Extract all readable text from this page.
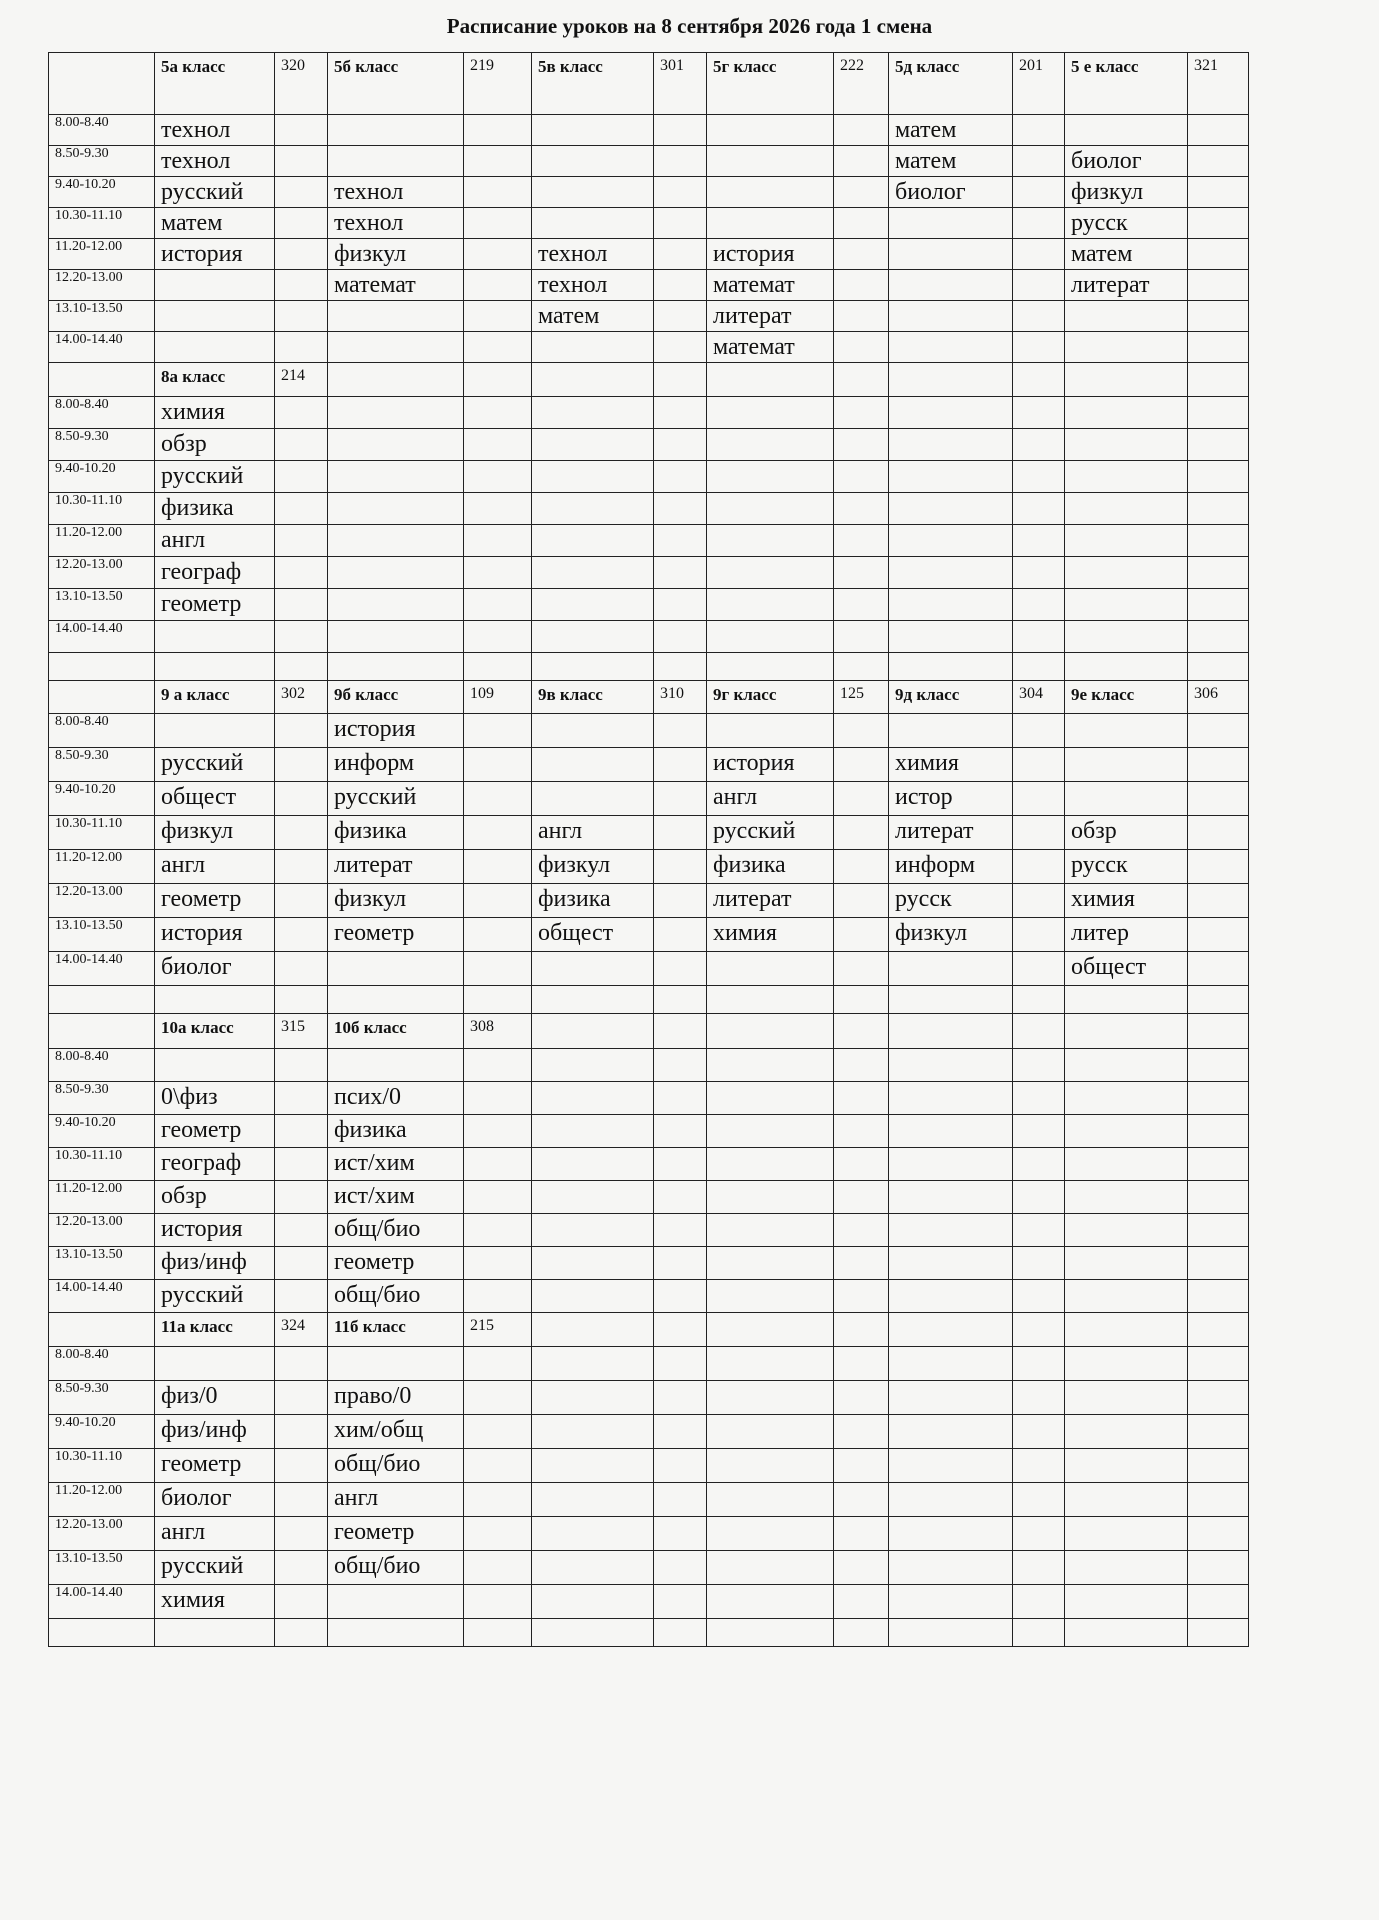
Расписание уроков на 8 сентября 2026 года 1 смена
	5а класс	320	5б класс	219	5в класс	301	5г класс	222	5д класс	201	5 е класс	321
8.00-8.40	технол								матем			
8.50-9.30	технол								матем		биолог	
9.40-10.20	русский		технол						биолог		физкул	
10.30-11.10	матем		технол								русск	
11.20-12.00	история		физкул		технол		история				матем	
12.20-13.00			математ		технол		математ				литерат	
13.10-13.50					матем		литерат					
14.00-14.40							математ					
	8а класс	214										
8.00-8.40	химия											
8.50-9.30	обзр											
9.40-10.20	русский											
10.30-11.10	физика											
11.20-12.00	англ											
12.20-13.00	географ											
13.10-13.50	геометр											
14.00-14.40												

	9 а класс	302	9б класс	109	9в класс	310	9г класс	125	9д класс	304	9е класс	306
8.00-8.40			история									
8.50-9.30	русский		информ				история		химия			
9.40-10.20	общест		русский				англ		истор			
10.30-11.10	физкул		физика		англ		русский		литерат		обзр	
11.20-12.00	англ		литерат		физкул		физика		информ		русск	
12.20-13.00	геометр		физкул		физика		литерат		русск		химия	
13.10-13.50	история		геометр		общест		химия		физкул		литер	
14.00-14.40	биолог										общест	

	10а класс	315	10б класс	308								
8.00-8.40												
8.50-9.30	0\физ		псих/0									
9.40-10.20	геометр		физика									
10.30-11.10	географ		ист/хим									
11.20-12.00	обзр		ист/хим									
12.20-13.00	история		общ/био									
13.10-13.50	физ/инф		геометр									
14.00-14.40	русский		общ/био									
	11а класс	324	11б класс	215								
8.00-8.40												
8.50-9.30	физ/0		право/0									
9.40-10.20	физ/инф		хим/общ									
10.30-11.10	геометр		общ/био									
11.20-12.00	биолог		англ									
12.20-13.00	англ		геометр									
13.10-13.50	русский		общ/био									
14.00-14.40	химия											
